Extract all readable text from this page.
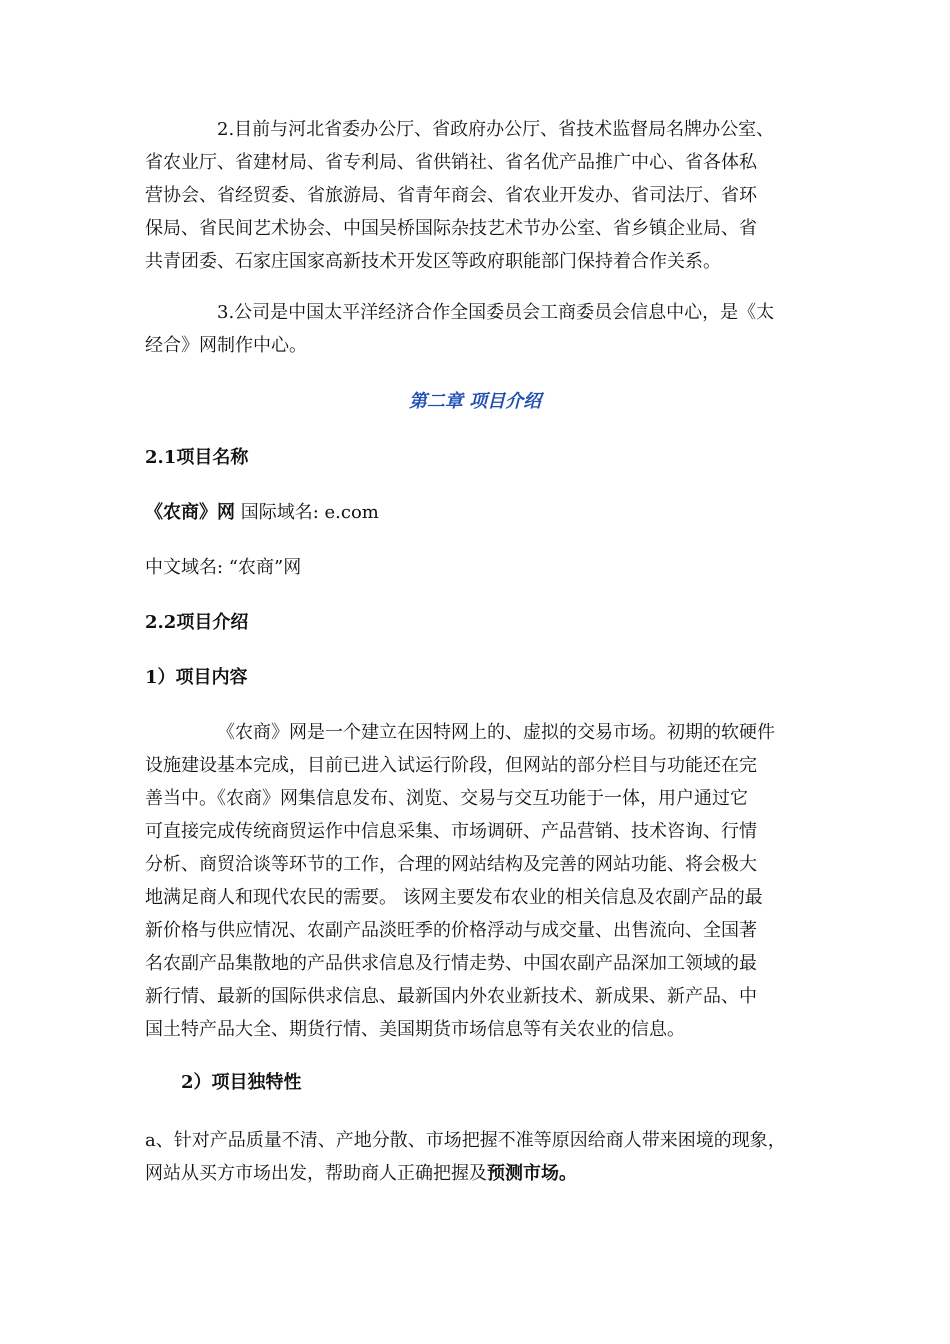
2.目前与河北省委办公厅、省政府办公厅、省技术监督局名牌办公室、
省农业厅、省建材局、省专利局、省供销社、省名优产品推广中心、省各体私
营协会、省经贸委、省旅游局、省青年商会、省农业开发办、省司法厅、省环
保局、省民间艺术协会、中国吴桥国际杂技艺术节办公室、省乡镇企业局、省
共青团委、石家庄国家高新技术开发区等政府职能部门保持着合作关系。
3.公司是中国太平洋经济合作全国委员会工商委员会信息中心，是《太
经合》网制作中心。

第二章 项目介绍

2.1项目名称

《农商》网 国际域名: e.com

中文域名: “农商”网

2.2项目介绍

1）项目内容

《农商》网是一个建立在因特网上的、虚拟的交易市场。初期的软硬件
设施建设基本完成，目前已进入试运行阶段，但网站的部分栏目与功能还在完
善当中。《农商》网集信息发布、浏览、交易与交互功能于一体，用户通过它
可直接完成传统商贸运作中信息采集、市场调研、产品营销、技术咨询、行情
分析、商贸洽谈等环节的工作，合理的网站结构及完善的网站功能、将会极大
地满足商人和现代农民的需要。 该网主要发布农业的相关信息及农副产品的最
新价格与供应情况、农副产品淡旺季的价格浮动与成交量、出售流向、全国著
名农副产品集散地的产品供求信息及行情走势、中国农副产品深加工领域的最
新行情、最新的国际供求信息、最新国内外农业新技术、新成果、新产品、中
国土特产品大全、期货行情、美国期货市场信息等有关农业的信息。

2）项目独特性

a、针对产品质量不清、产地分散、市场把握不准等原因给商人带来困境的现象，
网站从买方市场出发，帮助商人正确把握及预测市场。
